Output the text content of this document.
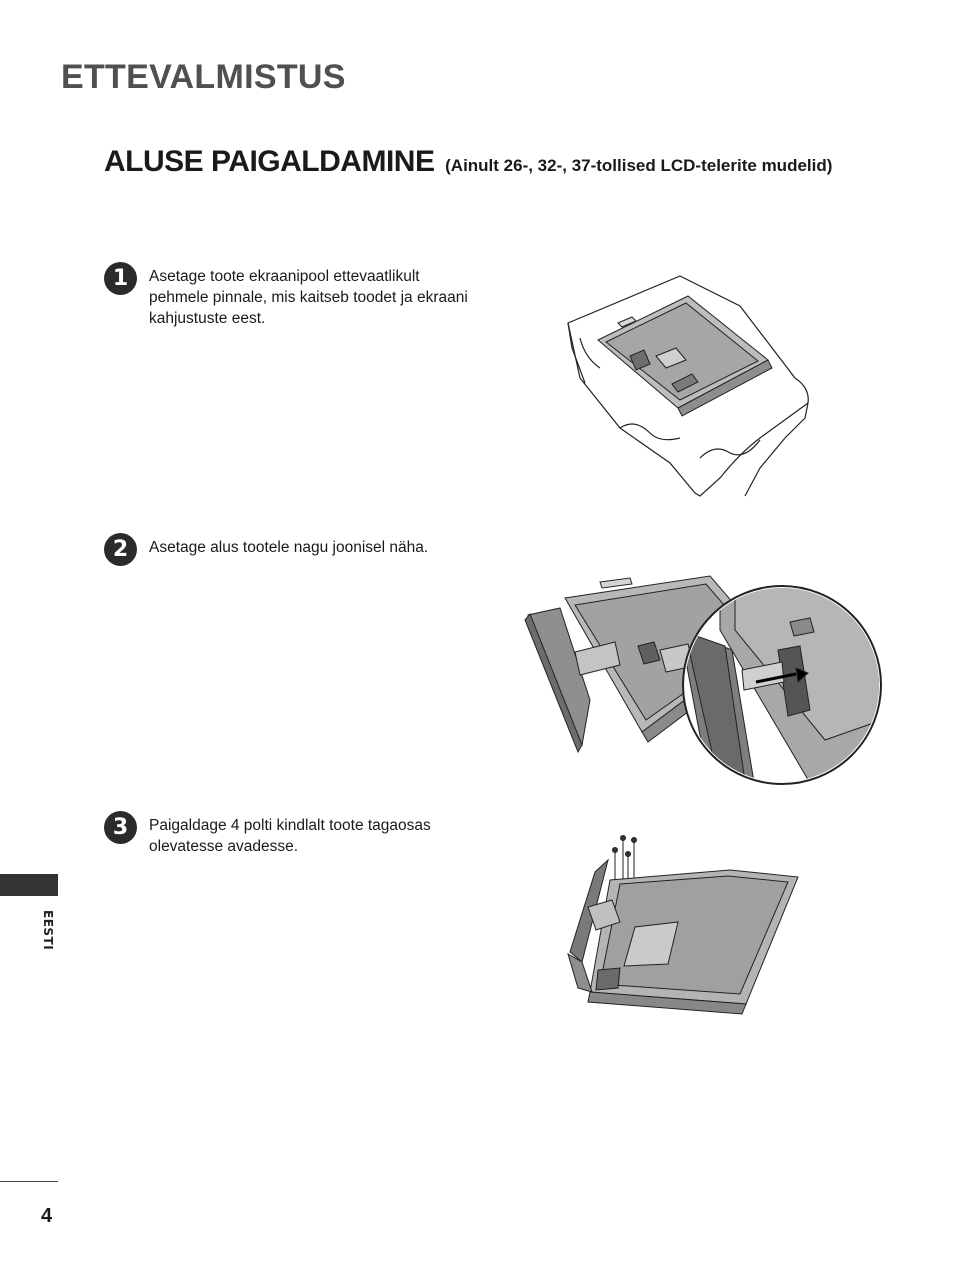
ETTEVALMISTUS
ALUSE PAIGALDAMINE (Ainult 26-, 32-, 37-tollised LCD-telerite mudelid)
1	Asetage toote ekraanipool ettevaatlikult pehmele pinnale, mis kaitseb toodet ja ekraani kahjustuste eest.

2	Asetage alus tootele nagu joonisel näha.

3	Paigaldage 4 polti kindlalt toote tagaosas olevatesse avadesse.

EESTI
4
